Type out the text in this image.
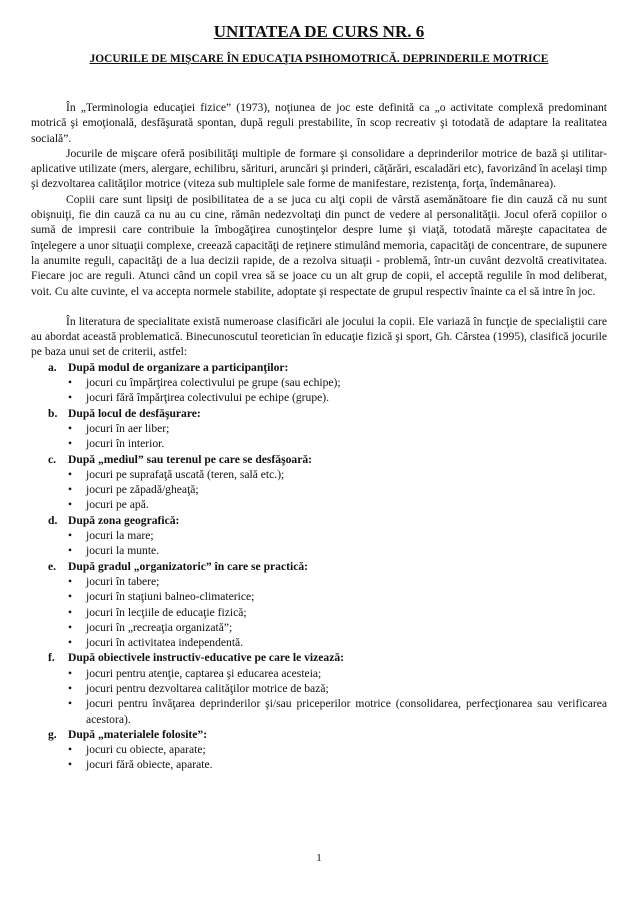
UNITATEA DE CURS NR. 6
JOCURILE DE MIŞCARE ÎN EDUCAŢIA PSIHOMOTRICĂ. DEPRINDERILE MOTRICE

În „Terminologia educaţiei fizice” (1973), noţiunea de joc este definită ca „o activitate complexă predominant motrică şi emoţională, desfăşurată spontan, după reguli prestabilite, în scop recreativ şi totodată de adaptare la realitatea socială”.

Jocurile de mişcare oferă posibilităţi multiple de formare şi consolidare a deprinderilor motrice de bază şi utilitar-aplicative utilizate (mers, alergare, echilibru, sărituri, aruncări şi prinderi, căţărări, escaladări etc), favorizând în acelaşi timp şi dezvoltarea calităţilor motrice (viteza sub multiplele sale forme de manifestare, rezistenţa, forţa, îndemânarea).

Copiii care sunt lipsiţi de posibilitatea de a se juca cu alţi copii de vârstă asemănătoare fie din cauză că nu sunt obişnuiţi, fie din cauză ca nu au cu cine, rămân nedezvoltaţi din punct de vedere al personalităţii. Jocul oferă copiilor o sumă de impresii care contribuie la îmbogăţirea cunoştinţelor despre lume şi viaţă, totodată măreşte capacitatea de înţelegere a unor situaţii complexe, creează capacităţi de reţinere stimulând memoria, capacităţi de concentrare, de supunere la anumite reguli, capacităţi de a lua decizii rapide, de a rezolva situaţii - problemă, într-un cuvânt dezvoltă creativitatea. Fiecare joc are reguli. Atunci când un copil vrea să se joace cu un alt grup de copii, el acceptă regulile în mod deliberat, voit. Cu alte cuvinte, el va accepta normele stabilite, adoptate şi respectate de grupul respectiv înainte ca el să intre în joc.

În literatura de specialitate există numeroase clasificări ale jocului la copii. Ele variază în funcţie de specialiştii care au abordat această problematică. Binecunoscutul teoretician în educaţie fizică şi sport, Gh. Cârstea (1995), clasifică jocurile pe baza unui set de criterii, astfel:

a. După modul de organizare a participanţilor:
•
jocuri cu împărţirea colectivului pe grupe (sau echipe);
•
jocuri fără împărţirea colectivului pe echipe (grupe).
b. După locul de desfăşurare:
•
jocuri în aer liber;
•
jocuri în interior.
c.	După „mediul” sau terenul pe care se desfăşoară:
•
jocuri pe suprafaţă uscată (teren, sală etc.);
•
jocuri pe zăpadă/gheaţă;
•
jocuri pe apă.
d. După zona geografică:
•
jocuri la mare;
•
jocuri la munte.
e.	După gradul „organizatoric” în care se practică:
•
jocuri în tabere;
•
jocuri în staţiuni balneo-climaterice;
•
jocuri în lecţiile de educaţie fizică;
•
jocuri în „recreaţia organizată”;
•
jocuri în activitatea independentă.
f.	După obiectivele instructiv-educative pe care le vizează:
•
jocuri pentru atenţie, captarea şi educarea acesteia;
•
jocuri pentru dezvoltarea calităţilor motrice de bază;
•
jocuri pentru învăţarea deprinderilor şi/sau priceperilor motrice (consolidarea, perfecţionarea sau verificarea acestora).
g. După „materialele folosite”:
•
jocuri cu obiecte, aparate;
•
jocuri fără obiecte, aparate.
1
